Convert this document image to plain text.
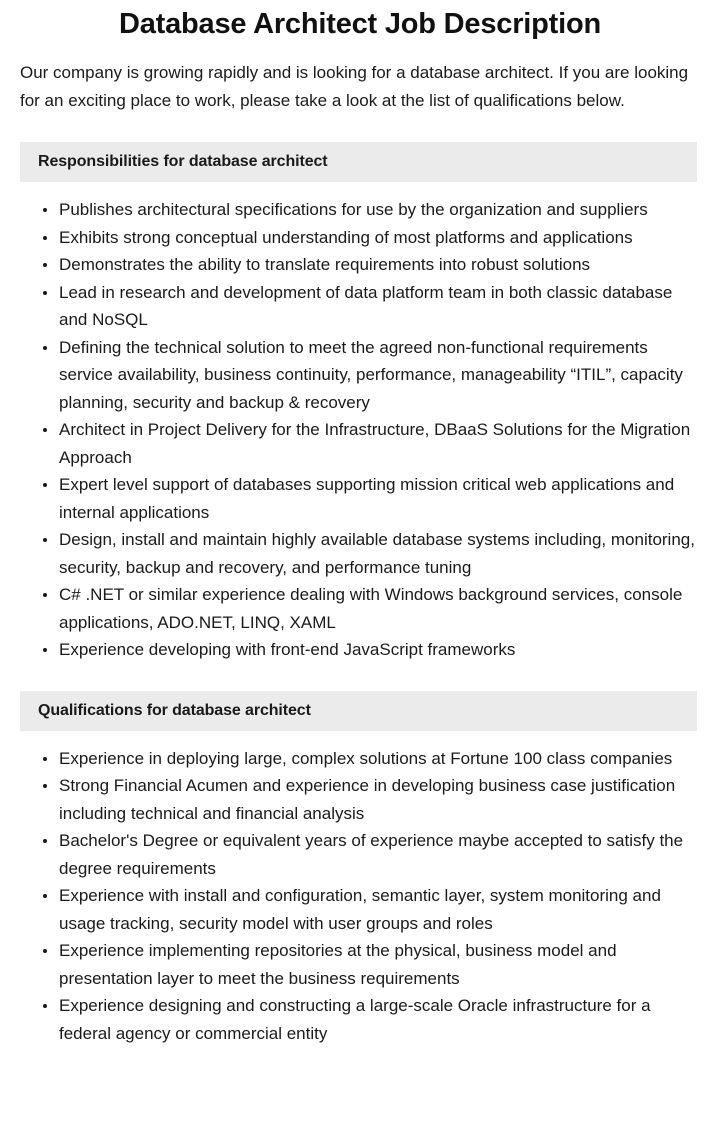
Database Architect Job Description

Our company is growing rapidly and is looking for a database architect. If you are looking for an exciting place to work, please take a look at the list of qualifications below.

Responsibilities for database architect
Publishes architectural specifications for use by the organization and suppliers
Exhibits strong conceptual understanding of most platforms and applications
Demonstrates the ability to translate requirements into robust solutions
Lead in research and development of data platform team in both classic database and NoSQL
Defining the technical solution to meet the agreed non-functional requirements service availability, business continuity, performance, manageability “ITIL”, capacity planning, security and backup & recovery
Architect in Project Delivery for the Infrastructure, DBaaS Solutions for the Migration Approach
Expert level support of databases supporting mission critical web applications and internal applications
Design, install and maintain highly available database systems including, monitoring, security, backup and recovery, and performance tuning
C# .NET or similar experience dealing with Windows background services, console applications, ADO.NET, LINQ, XAML
Experience developing with front-end JavaScript frameworks
Qualifications for database architect
Experience in deploying large, complex solutions at Fortune 100 class companies
Strong Financial Acumen and experience in developing business case justification including technical and financial analysis
Bachelor's Degree or equivalent years of experience maybe accepted to satisfy the degree requirements
Experience with install and configuration, semantic layer, system monitoring and usage tracking, security model with user groups and roles
Experience implementing repositories at the physical, business model and presentation layer to meet the business requirements
Experience designing and constructing a large-scale Oracle infrastructure for a federal agency or commercial entity
